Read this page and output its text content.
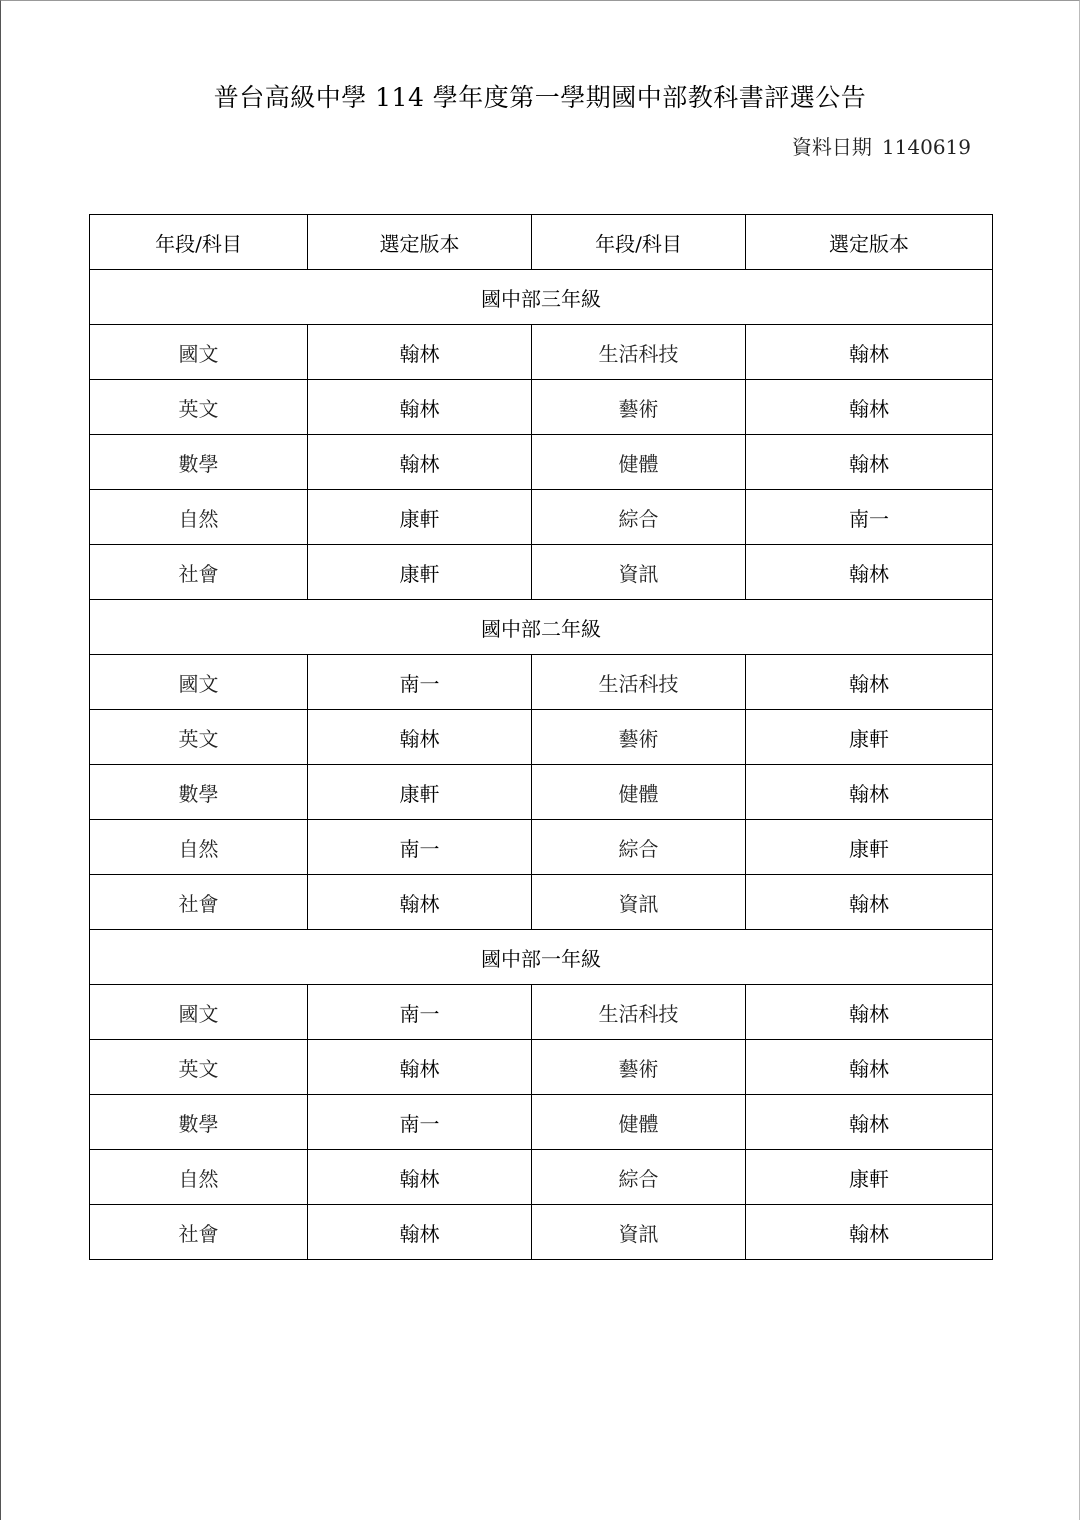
普台高級中學 114 學年度第一學期國中部教科書評選公告
資料日期 1140619
年段/科目	選定版本	年段/科目	選定版本
國中部三年級			
國文	翰林	生活科技	翰林
英文	翰林	藝術	翰林
數學	翰林	健體	翰林
自然	康軒	綜合	南一
社會	康軒	資訊	翰林
國中部二年級			
國文	南一	生活科技	翰林
英文	翰林	藝術	康軒
數學	康軒	健體	翰林
自然	南一	綜合	康軒
社會	翰林	資訊	翰林
國中部一年級			
國文	南一	生活科技	翰林
英文	翰林	藝術	翰林
數學	南一	健體	翰林
自然	翰林	綜合	康軒
社會	翰林	資訊	翰林
